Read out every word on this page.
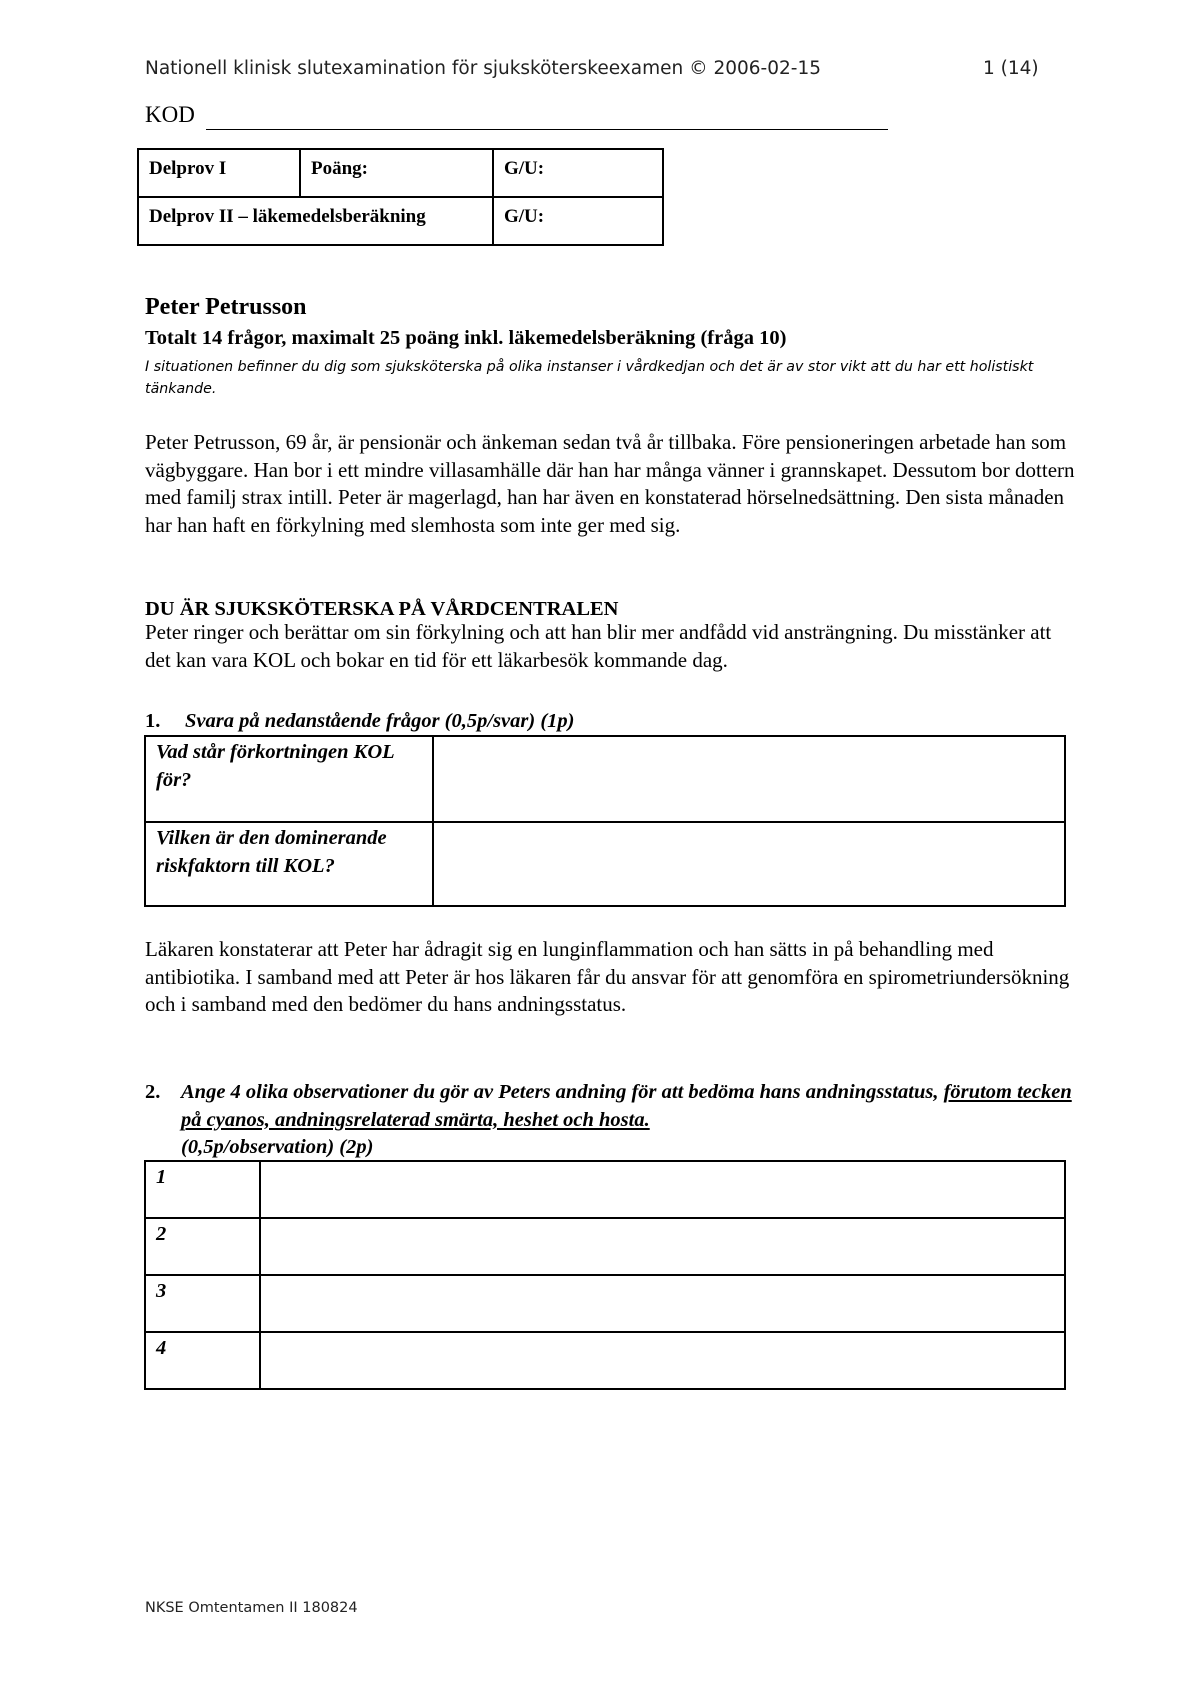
Nationell klinisk slutexamination för sjuksköterskeexamen © 2006-02-15	1 (14)
KOD
Delprov I	Poäng:	G/U:
Delprov II – läkemedelsberäkning		G/U:
Peter Petrusson
Totalt 14 frågor, maximalt 25 poäng inkl. läkemedelsberäkning (fråga 10)
I situationen befinner du dig som sjuksköterska på olika instanser i vårdkedjan och det är av stor vikt att du har ett holistiskt tänkande.
Peter Petrusson, 69 år, är pensionär och änkeman sedan två år tillbaka. Före pensioneringen arbetade han som vägbyggare. Han bor i ett mindre villasamhälle där han har många vänner i grannskapet. Dessutom bor dottern med familj strax intill. Peter är magerlagd, han har även en konstaterad hörselnedsättning. Den sista månaden har han haft en förkylning med slemhosta som inte ger med sig.
DU ÄR SJUKSKÖTERSKA PÅ VÅRDCENTRALEN
Peter ringer och berättar om sin förkylning och att han blir mer andfådd vid ansträngning. Du misstänker att det kan vara KOL och bokar en tid för ett läkarbesök kommande dag.
1. Svara på nedanstående frågor (0,5p/svar) (1p)
Vad står förkortningen KOL för?	
Vilken är den dominerande riskfaktorn till KOL?	
Läkaren konstaterar att Peter har ådragit sig en lunginflammation och han sätts in på behandling med antibiotika. I samband med att Peter är hos läkaren får du ansvar för att genomföra en spirometriundersökning och i samband med den bedömer du hans andningsstatus.
2. Ange 4 olika observationer du gör av Peters andning för att bedöma hans andningsstatus, förutom tecken på cyanos, andningsrelaterad smärta, heshet och hosta.
(0,5p/observation) (2p)
1	
2	
3	
4	
NKSE Omtentamen II 180824
